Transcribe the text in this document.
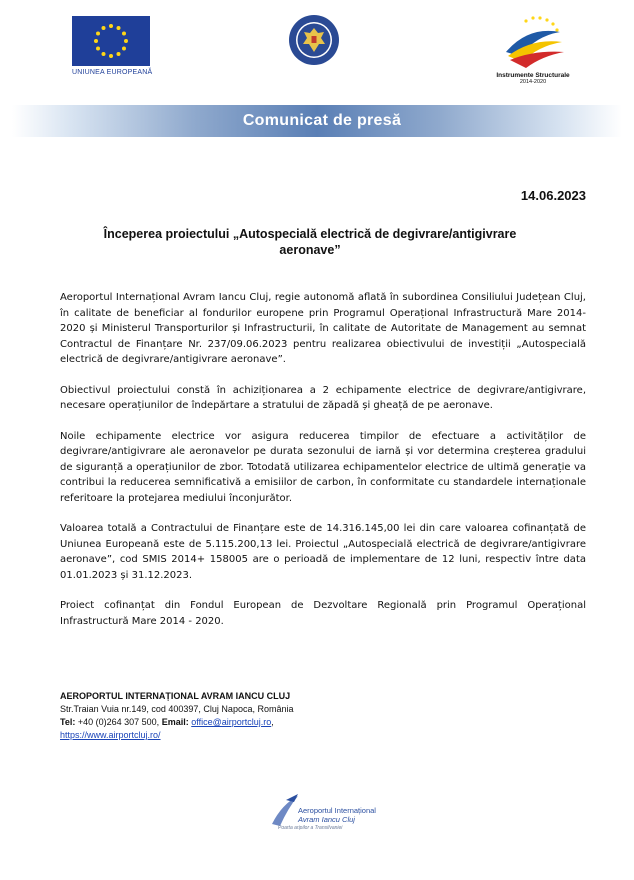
UNIUNEA EUROPEANĂ	Instrumente Structurale
2014-2020
Comunicat de presă
14.06.2023
Începerea proiectului „Autospecială electrică de degivrare/antigivrare
aeronave”

Aeroportul Internațional Avram Iancu Cluj, regie autonomă aflată în subordinea Consiliului Județean Cluj, în calitate de beneficiar al fondurilor europene prin Programul Operațional Infrastructură Mare 2014-2020 și Ministerul Transporturilor și Infrastructurii, în calitate de Autoritate de Management au semnat Contractul de Finanțare Nr. 237/09.06.2023 pentru realizarea obiectivului de investiții „Autospecială electrică de degivrare/antigivrare aeronave”.

Obiectivul proiectului constă în achiziționarea a 2 echipamente electrice de degivrare/antigivrare, necesare operațiunilor de îndepărtare a stratului de zăpadă și gheață de pe aeronave.

Noile echipamente electrice vor asigura reducerea timpilor de efectuare a activităților de degivrare/antigivrare ale aeronavelor pe durata sezonului de iarnă și vor determina creșterea gradului de siguranță a operațiunilor de zbor. Totodată utilizarea echipamentelor electrice de ultimă generație va contribui la reducerea semnificativă a emisiilor de carbon, în conformitate cu standardele internaționale referitoare la protejarea mediului înconjurător.

Valoarea totală a Contractului de Finanțare este de 14.316.145,00 lei din care valoarea cofinanțată de Uniunea Europeană este de 5.115.200,13 lei. Proiectul „Autospecială electrică de degivrare/antigivrare aeronave”, cod SMIS 2014+ 158005 are o perioadă de implementare de 12 luni, respectiv între data 01.01.2023 și 31.12.2023.

Proiect cofinanțat din Fondul European de Dezvoltare Regională prin Programul Operațional Infrastructură Mare 2014 - 2020.

AEROPORTUL INTERNAȚIONAL AVRAM IANCU CLUJ
Str.Traian Vuia nr.149, cod 400397, Cluj Napoca, România
Tel: +40 (0)264 307 500, Email: office@airportcluj.ro,
https://www.airportcluj.ro/
Aeroportul Internațional
Avram Iancu Cluj
Poarta aripilor a Transilvaniei
